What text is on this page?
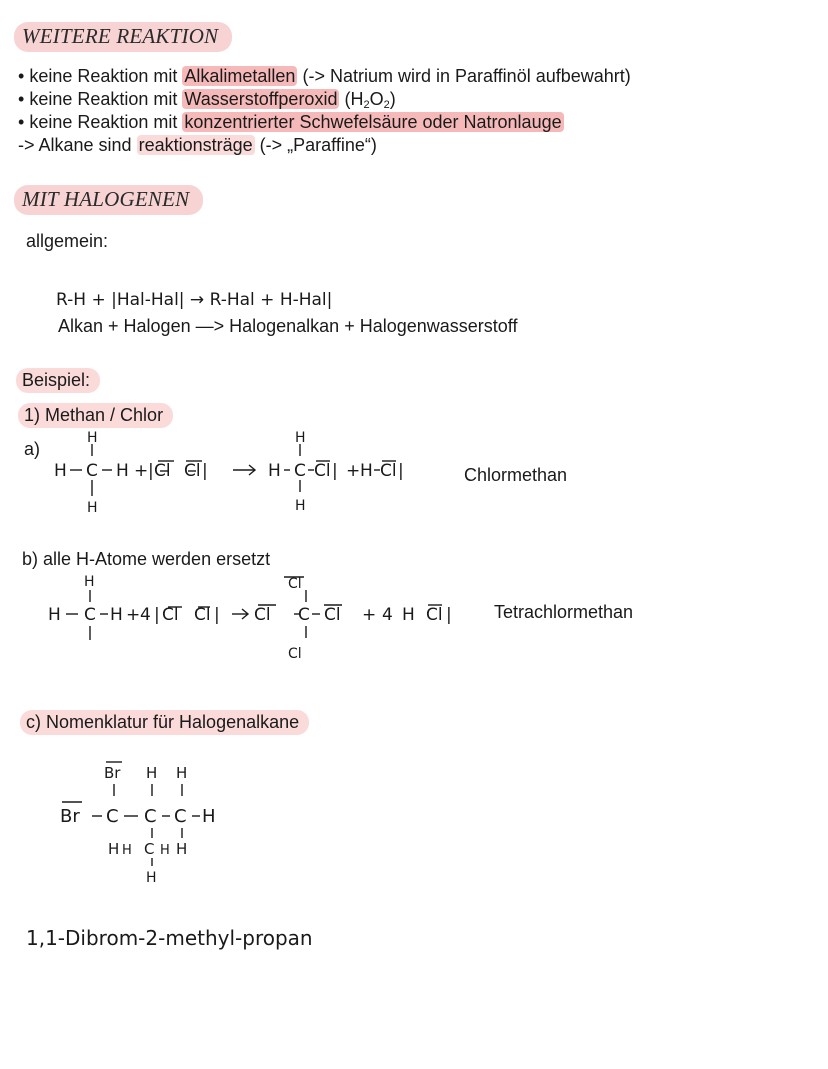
WEITERE REAKTION
• keine Reaktion mit Alkalimetallen (-> Natrium wird in Paraffinöl aufbewahrt)
• keine Reaktion mit Wasserstoffperoxid $(H_2O_2)$
• keine Reaktion mit konzentrierter Schwefelsäure oder Natronlauge
-> Alkane sind reaktionsträge (-> „Paraffine“)
MIT HALOGENEN
allgemein:
R-H + |Hal-Hal| → R-Hal + H-Hal|
Alkan + Halogen —> Halogenalkan + Halogenwasserstoff
Beispiel:
1) Methan / Chlor
a)
H
H C H
H
+ | Cl Cl |
H
H C Cl |
H
+ H Cl |	Chlormethan
b) alle H-Atome werden ersetzt
H
H C H + 4 | Cl Cl |
Cl
Cl C Cl
Cl
+ 4 H Cl | Tetrachlormethan
c) Nomenklatur für Halogenalkane
Br H H
Br C C C H
H H C H H
H
1,1-Dibrom-2-methyl-propan
